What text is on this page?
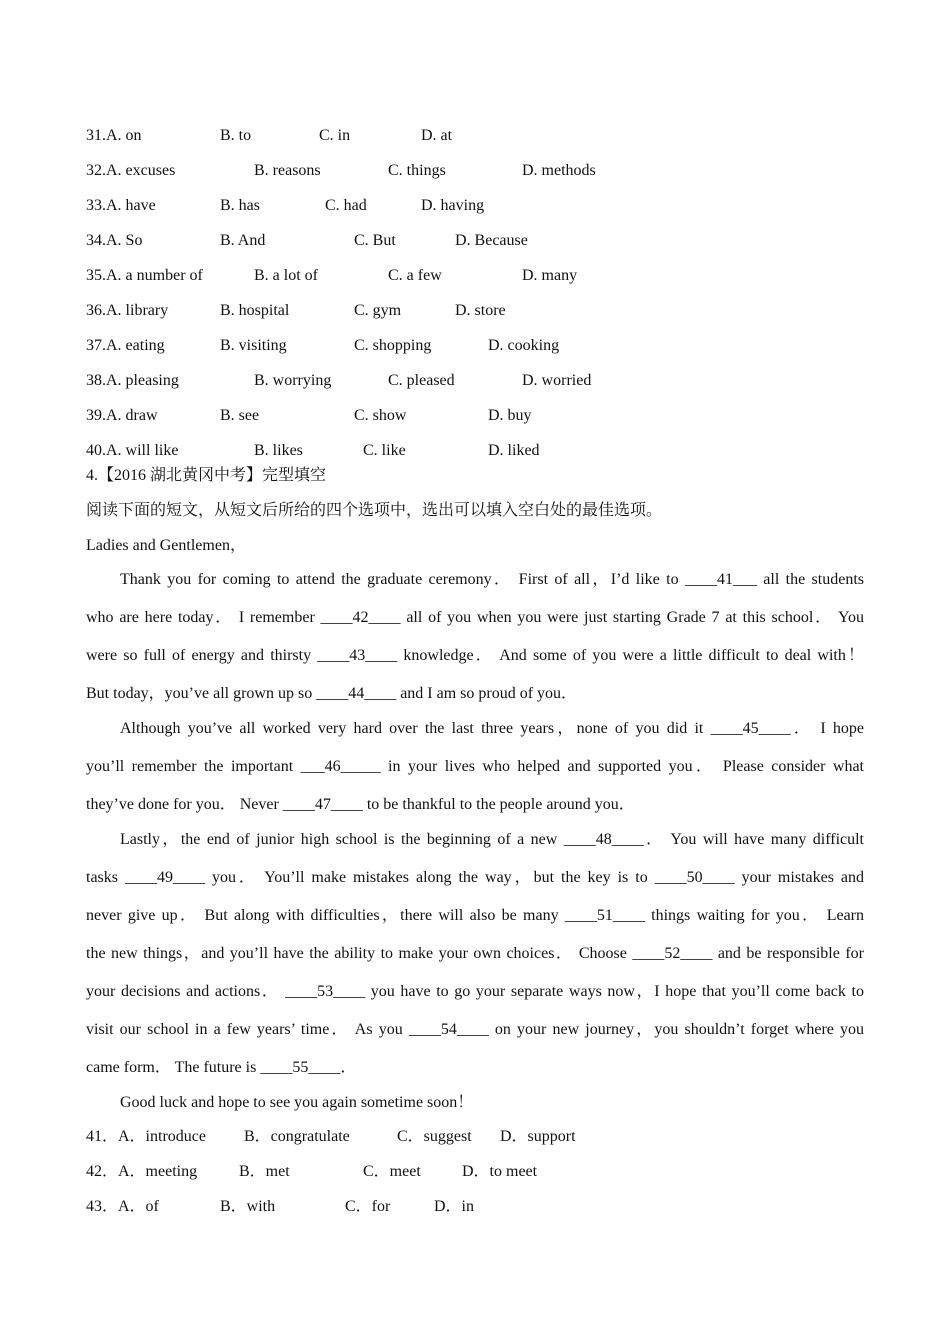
31.A. on	B. to	C. in	D. at
32.A. excuses	B. reasons	C. things	D. methods
33.A. have	B. has	C. had	D. having
34.A. So	B. And	C. But	D. Because
35.A. a number of	B. a lot of	C. a few	D. many
36.A. library	B. hospital	C. gym	D. store
37.A. eating	B. visiting	C. shopping	D. cooking
38.A. pleasing	B. worrying	C. pleased	D. worried
39.A. draw	B. see	C. show	D. buy
40.A. will like	B. likes	C. like	D. liked
4.【2016 湖北黄冈中考】完型填空
阅读下面的短文，从短文后所给的四个选项中，选出可以填入空白处的最佳选项。
Ladies and Gentlemen，
Thank you for coming to attend the graduate ceremony． First of all，I’d like to ____41___ all the students
who are here today． I remember ____42____ all of you when you were just starting Grade 7 at this school． You
were so full of energy and thirsty ____43____ knowledge． And some of you were a little difficult to deal with！
But today，you’ve all grown up so ____44____ and I am so proud of you．
Although you’ve all worked very hard over the last three years，none of you did it ____45____． I hope
you’ll remember the important ___46_____ in your lives who helped and supported you． Please consider what
they’ve done for you． Never ____47____ to be thankful to the people around you．
Lastly，the end of junior high school is the beginning of a new ____48____． You will have many difficult
tasks ____49____ you． You’ll make mistakes along the way，but the key is to ____50____ your mistakes and
never give up． But along with difficulties，there will also be many ____51____ things waiting for you． Learn
the new things，and you’ll have the ability to make your own choices． Choose ____52____ and be responsible for
your decisions and actions． ____53____ you have to go your separate ways now，I hope that you’ll come back to
visit our school in a few years’ time． As you ____54____ on your new journey，you shouldn’t forget where you
came form． The future is ____55____．
Good luck and hope to see you again sometime soon！
41．A．introduce B．congratulate	C．suggest D．support
42．A．meeting	B．met	C．meet	D．to meet
43．A．of	B．with	C．for	D．in
